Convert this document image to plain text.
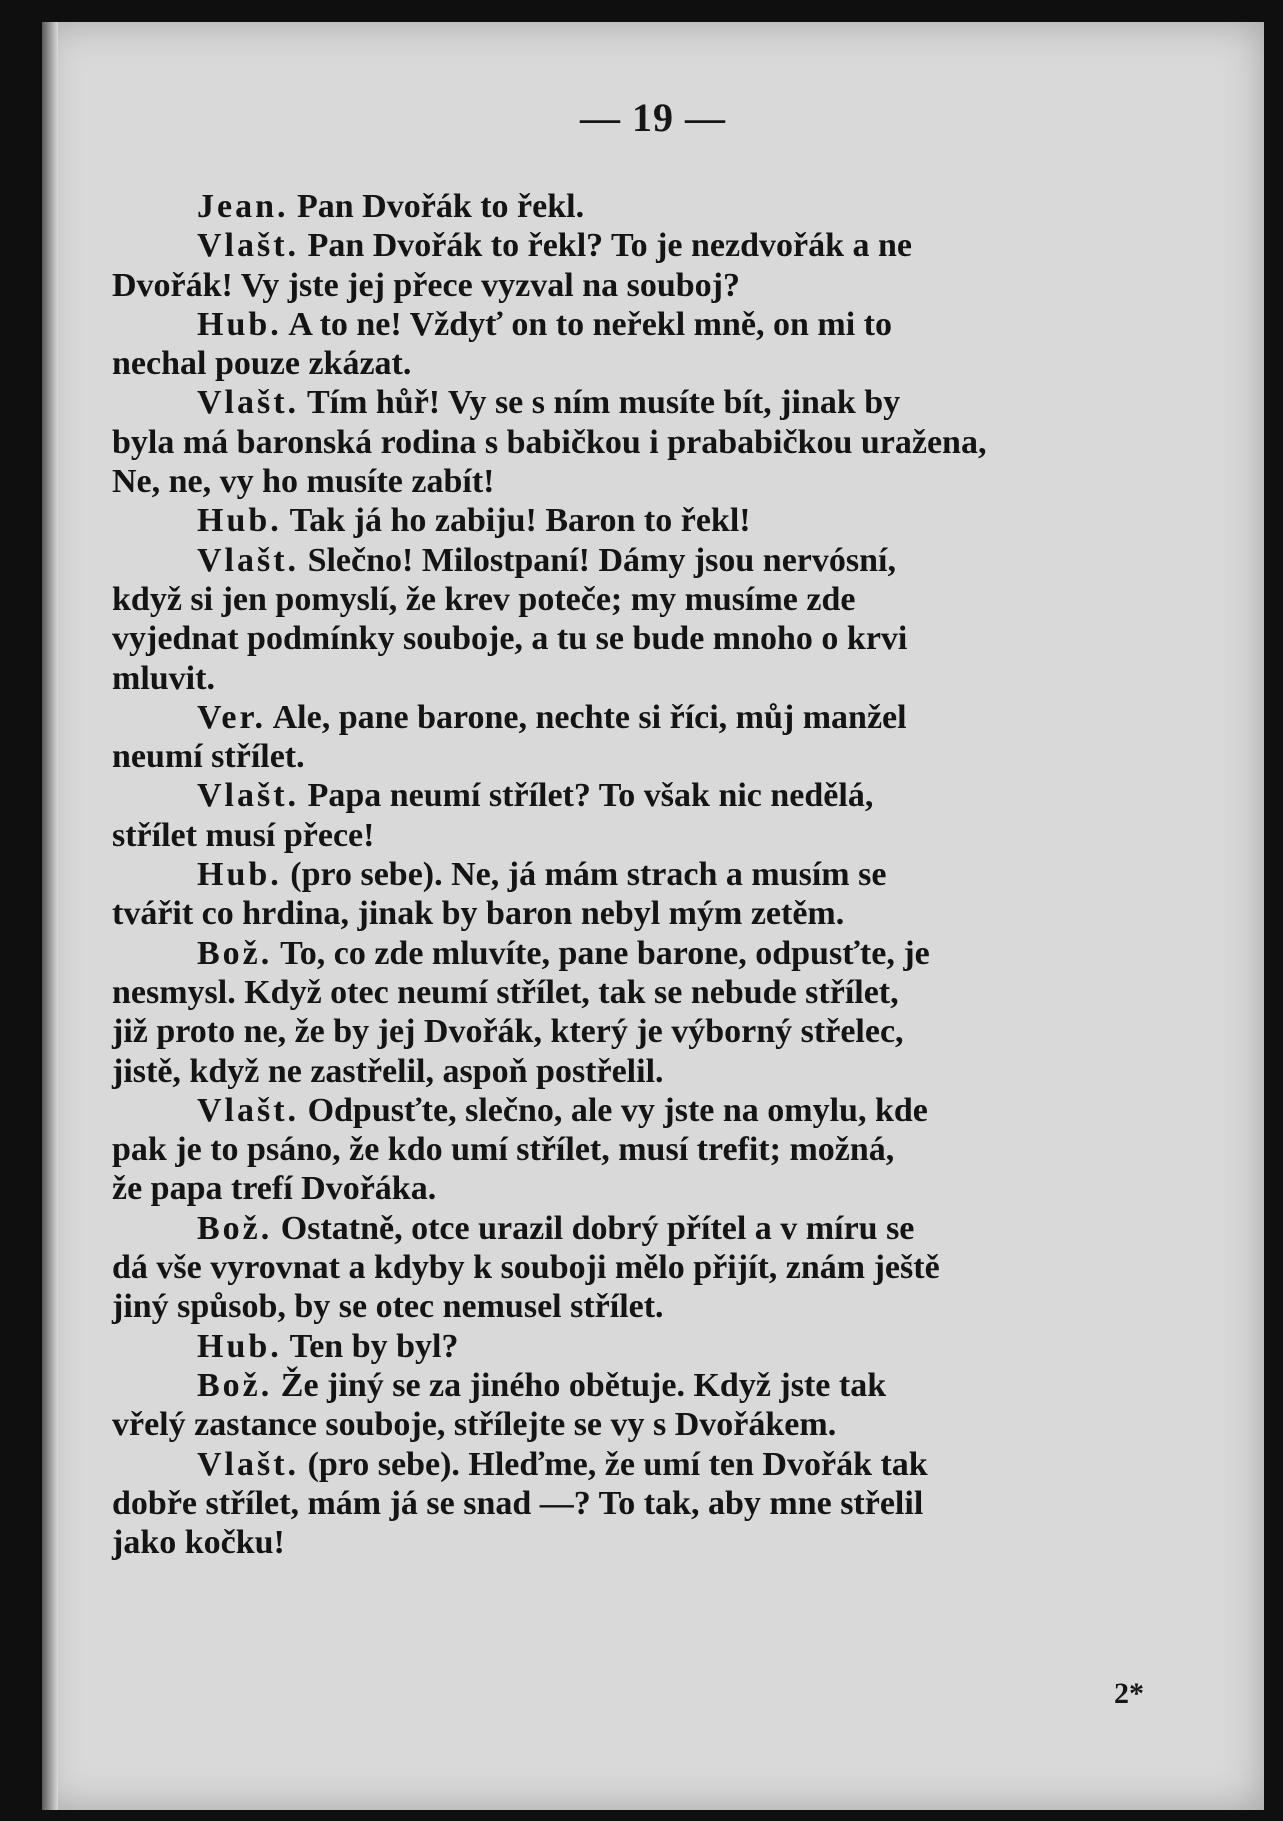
— 19 —
Jean. Pan Dvořák to řekl.
Vlašt. Pan Dvořák to řekl? To je nezdvořák a ne
Dvořák! Vy jste jej přece vyzval na souboj?
Hub. A to ne! Vždyť on to neřekl mně, on mi to
nechal pouze zkázat.
Vlašt. Tím hůř! Vy se s ním musíte bít, jinak by
byla má baronská rodina s babičkou i prababičkou uražena,
Ne, ne, vy ho musíte zabít!
Hub. Tak já ho zabiju! Baron to řekl!
Vlašt. Slečno! Milostpaní! Dámy jsou nervósní,
když si jen pomyslí, že krev poteče; my musíme zde
vyjednat podmínky souboje, a tu se bude mnoho o krvi
mluvit.
Ver. Ale, pane barone, nechte si říci, můj manžel
neumí střílet.
Vlašt. Papa neumí střílet? To však nic nedělá,
střílet musí přece!
Hub. (pro sebe). Ne, já mám strach a musím se
tvářit co hrdina, jinak by baron nebyl mým zetěm.
Bož. To, co zde mluvíte, pane barone, odpusťte, je
nesmysl. Když otec neumí střílet, tak se nebude střílet,
již proto ne, že by jej Dvořák, který je výborný střelec,
jistě, když ne zastřelil, aspoň postřelil.
Vlašt. Odpusťte, slečno, ale vy jste na omylu, kde
pak je to psáno, že kdo umí střílet, musí trefit; možná,
že papa trefí Dvořáka.
Bož. Ostatně, otce urazil dobrý přítel a v míru se
dá vše vyrovnat a kdyby k souboji mělo přijít, znám ještě
jiný spůsob, by se otec nemusel střílet.
Hub. Ten by byl?
Bož. Že jiný se za jiného obětuje. Když jste tak
vřelý zastance souboje, střílejte se vy s Dvořákem.
Vlašt. (pro sebe). Hleďme, že umí ten Dvořák tak
dobře střílet, mám já se snad —? To tak, aby mne střelil
jako kočku!
2*
